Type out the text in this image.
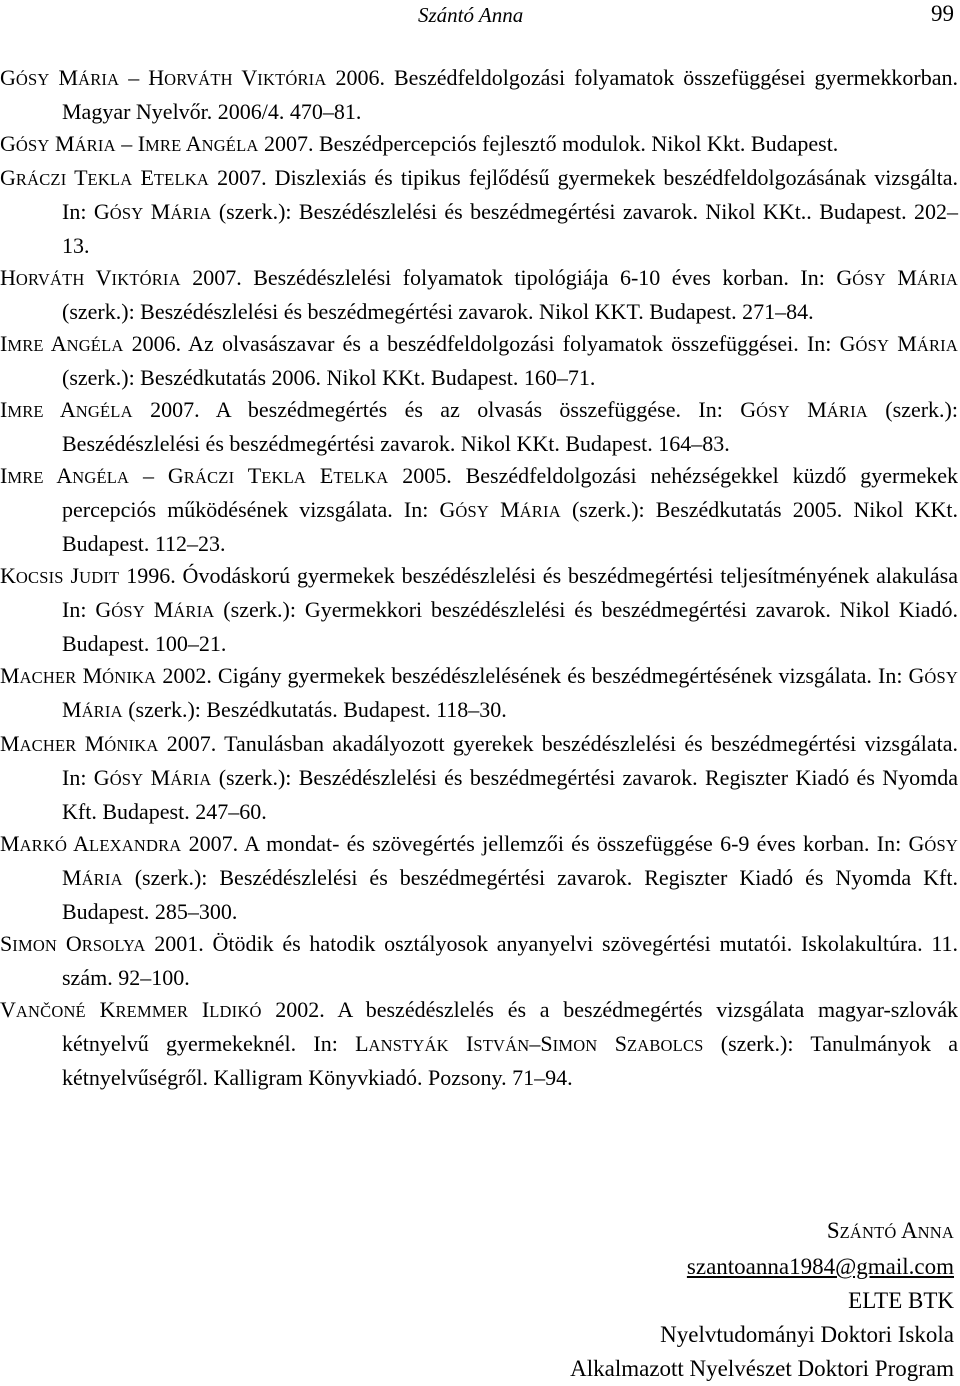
Szántó Anna	99
GÓSY MÁRIA – HORVÁTH VIKTÓRIA 2006. Beszédfeldolgozási folyamatok összefüggései gyermekkorban. Magyar Nyelvőr. 2006/4. 470–81.
GÓSY MÁRIA – IMRE ANGÉLA 2007. Beszédpercepciós fejlesztő modulok. Nikol Kkt. Budapest.
GRÁCZI TEKLA ETELKA 2007. Diszlexiás és tipikus fejlődésű gyermekek beszédfeldolgozásának vizsgálta. In: GÓSY MÁRIA (szerk.): Beszédészlelési és beszédmegértési zavarok. Nikol KKt.. Budapest. 202–13.
HORVÁTH VIKTÓRIA 2007. Beszédészlelési folyamatok tipológiája 6-10 éves korban. In: GÓSY MÁRIA (szerk.): Beszédészlelési és beszédmegértési zavarok. Nikol KKT. Budapest. 271–84.
IMRE ANGÉLA 2006. Az olvasászavar és a beszédfeldolgozási folyamatok összefüggései. In: GÓSY MÁRIA (szerk.): Beszédkutatás 2006. Nikol KKt. Budapest. 160–71.
IMRE ANGÉLA 2007. A beszédmegértés és az olvasás összefüggése. In: GÓSY MÁRIA (szerk.): Beszédészlelési és beszédmegértési zavarok. Nikol KKt. Budapest. 164–83.
IMRE ANGÉLA – GRÁCZI TEKLA ETELKA 2005. Beszédfeldolgozási nehézségekkel küzdő gyermekek percepciós működésének vizsgálata. In: GÓSY MÁRIA (szerk.): Beszédkutatás 2005. Nikol KKt. Budapest. 112–23.
KOCSIS JUDIT 1996. Óvodáskorú gyermekek beszédészlelési és beszédmegértési teljesítményének alakulása In: GÓSY MÁRIA (szerk.): Gyermekkori beszédészlelési és beszédmegértési zavarok. Nikol Kiadó. Budapest. 100–21.
MACHER MÓNIKA 2002. Cigány gyermekek beszédészlelésének és beszédmegértésének vizsgálata. In: GÓSY MÁRIA (szerk.): Beszédkutatás. Budapest. 118–30.
MACHER MÓNIKA 2007. Tanulásban akadályozott gyerekek beszédészlelési és beszédmegértési vizsgálata. In: GÓSY MÁRIA (szerk.): Beszédészlelési és beszédmegértési zavarok. Regiszter Kiadó és Nyomda Kft. Budapest. 247–60.
MARKÓ ALEXANDRA 2007. A mondat- és szövegértés jellemzői és összefüggése 6-9 éves korban. In: GÓSY MÁRIA (szerk.): Beszédészlelési és beszédmegértési zavarok. Regiszter Kiadó és Nyomda Kft. Budapest. 285–300.
SIMON ORSOLYA 2001. Ötödik és hatodik osztályosok anyanyelvi szövegértési mutatói. Iskolakultúra. 11. szám. 92–100.
VANČONÉ KREMMER ILDIKÓ 2002. A beszédészlelés és a beszédmegértés vizsgálata magyar-szlovák kétnyelvű gyermekeknél. In: LANSTYÁK ISTVÁN–SIMON SZABOLCS (szerk.): Tanulmányok a kétnyelvűségről. Kalligram Könyvkiadó. Pozsony. 71–94.
SZÁNTÓ ANNA
szantoanna1984@gmail.com
ELTE BTK
Nyelvtudományi Doktori Iskola
Alkalmazott Nyelvészet Doktori Program
